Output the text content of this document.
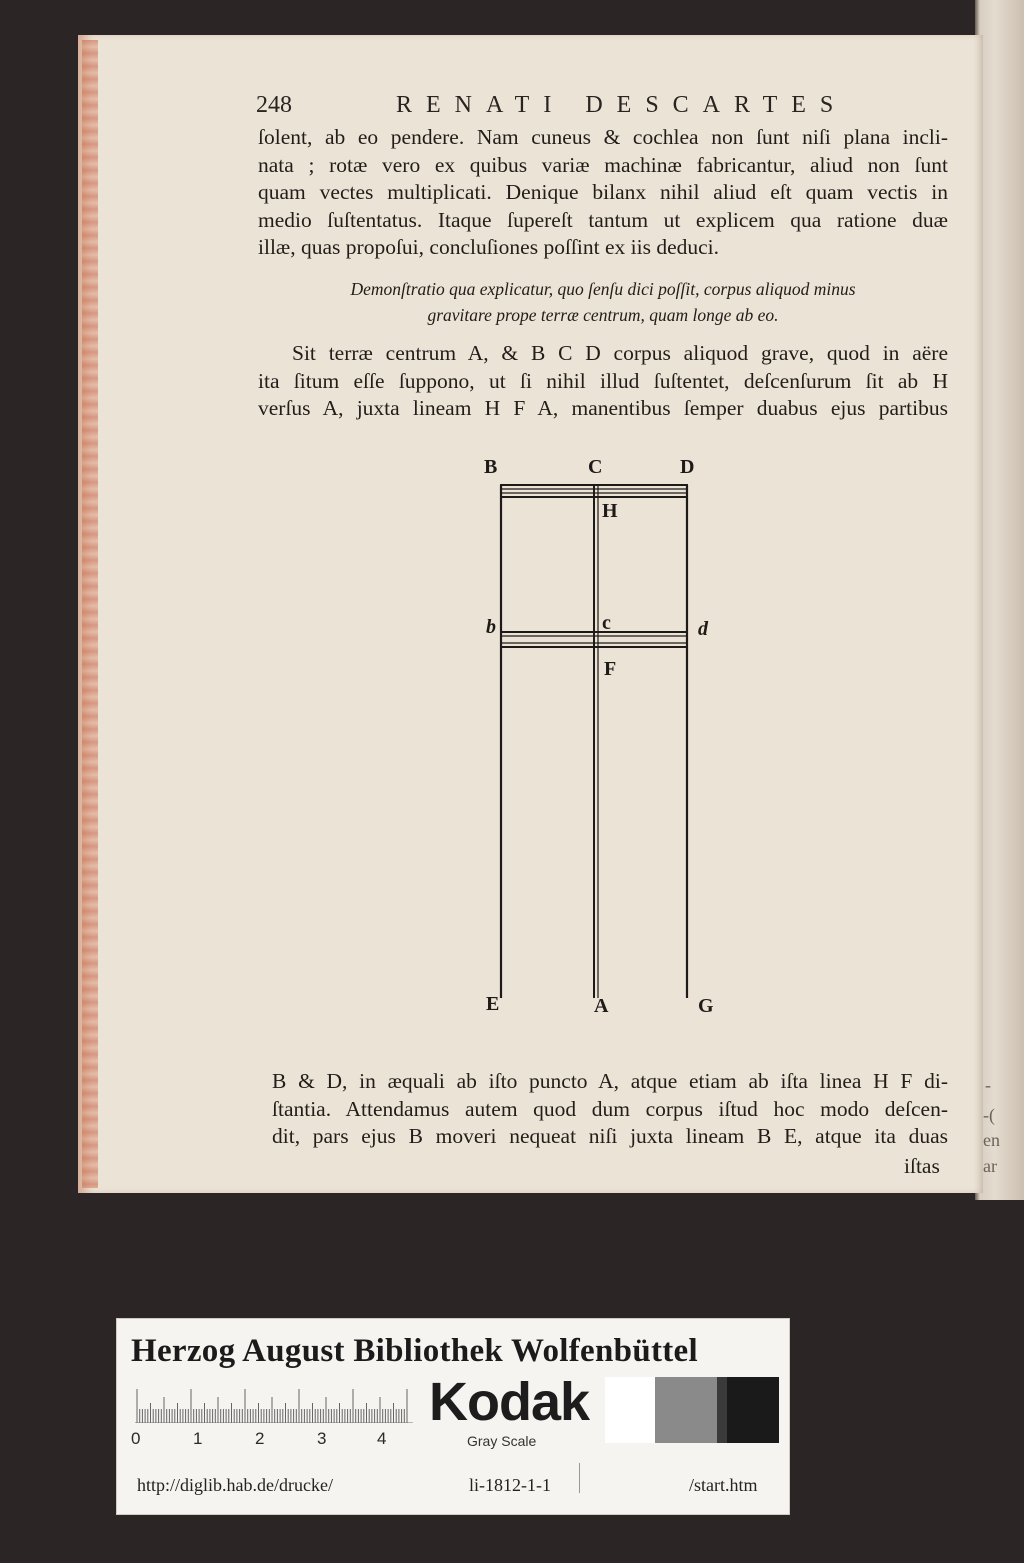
-
-(
en
ar
248	RENATI DESCARTES
ſolent, ab eo pendere. Nam cuneus & cochlea non ſunt niſi plana incli-
nata ; rotæ vero ex quibus variæ machinæ fabricantur, aliud non ſunt
quam vectes multiplicati. Denique bilanx nihil aliud eſt quam vectis in
medio ſuſtentatus. Itaque ſupereſt tantum ut explicem qua ratione duæ
illæ, quas propoſui, concluſiones poſſint ex iis deduci.
Demonſtratio qua explicatur, quo ſenſu dici poſſit, corpus aliquod minus
gravitare prope terræ centrum, quam longe ab eo.
Sit terræ centrum A, & B C D corpus aliquod grave, quod in aëre
ita ſitum eſſe ſuppono, ut ſi nihil illud ſuſtentet, deſcenſurum ſit ab H
verſus A, juxta lineam H F A, manentibus ſemper duabus ejus partibus
B	C	D
H
b	c	d
F
E	A	G
B & D, in æquali ab iſto puncto A, atque etiam ab iſta linea H F di-
ſtantia. Attendamus autem quod dum corpus iſtud hoc modo deſcen-
dit, pars ejus B moveri nequeat niſi juxta lineam B E, atque ita duas
iſtas
Herzog August Bibliothek Wolfenbüttel
0	1	2	3	4
Kodak
Gray Scale
http://diglib.hab.de/drucke/	li-1812-1-1	/start.htm
